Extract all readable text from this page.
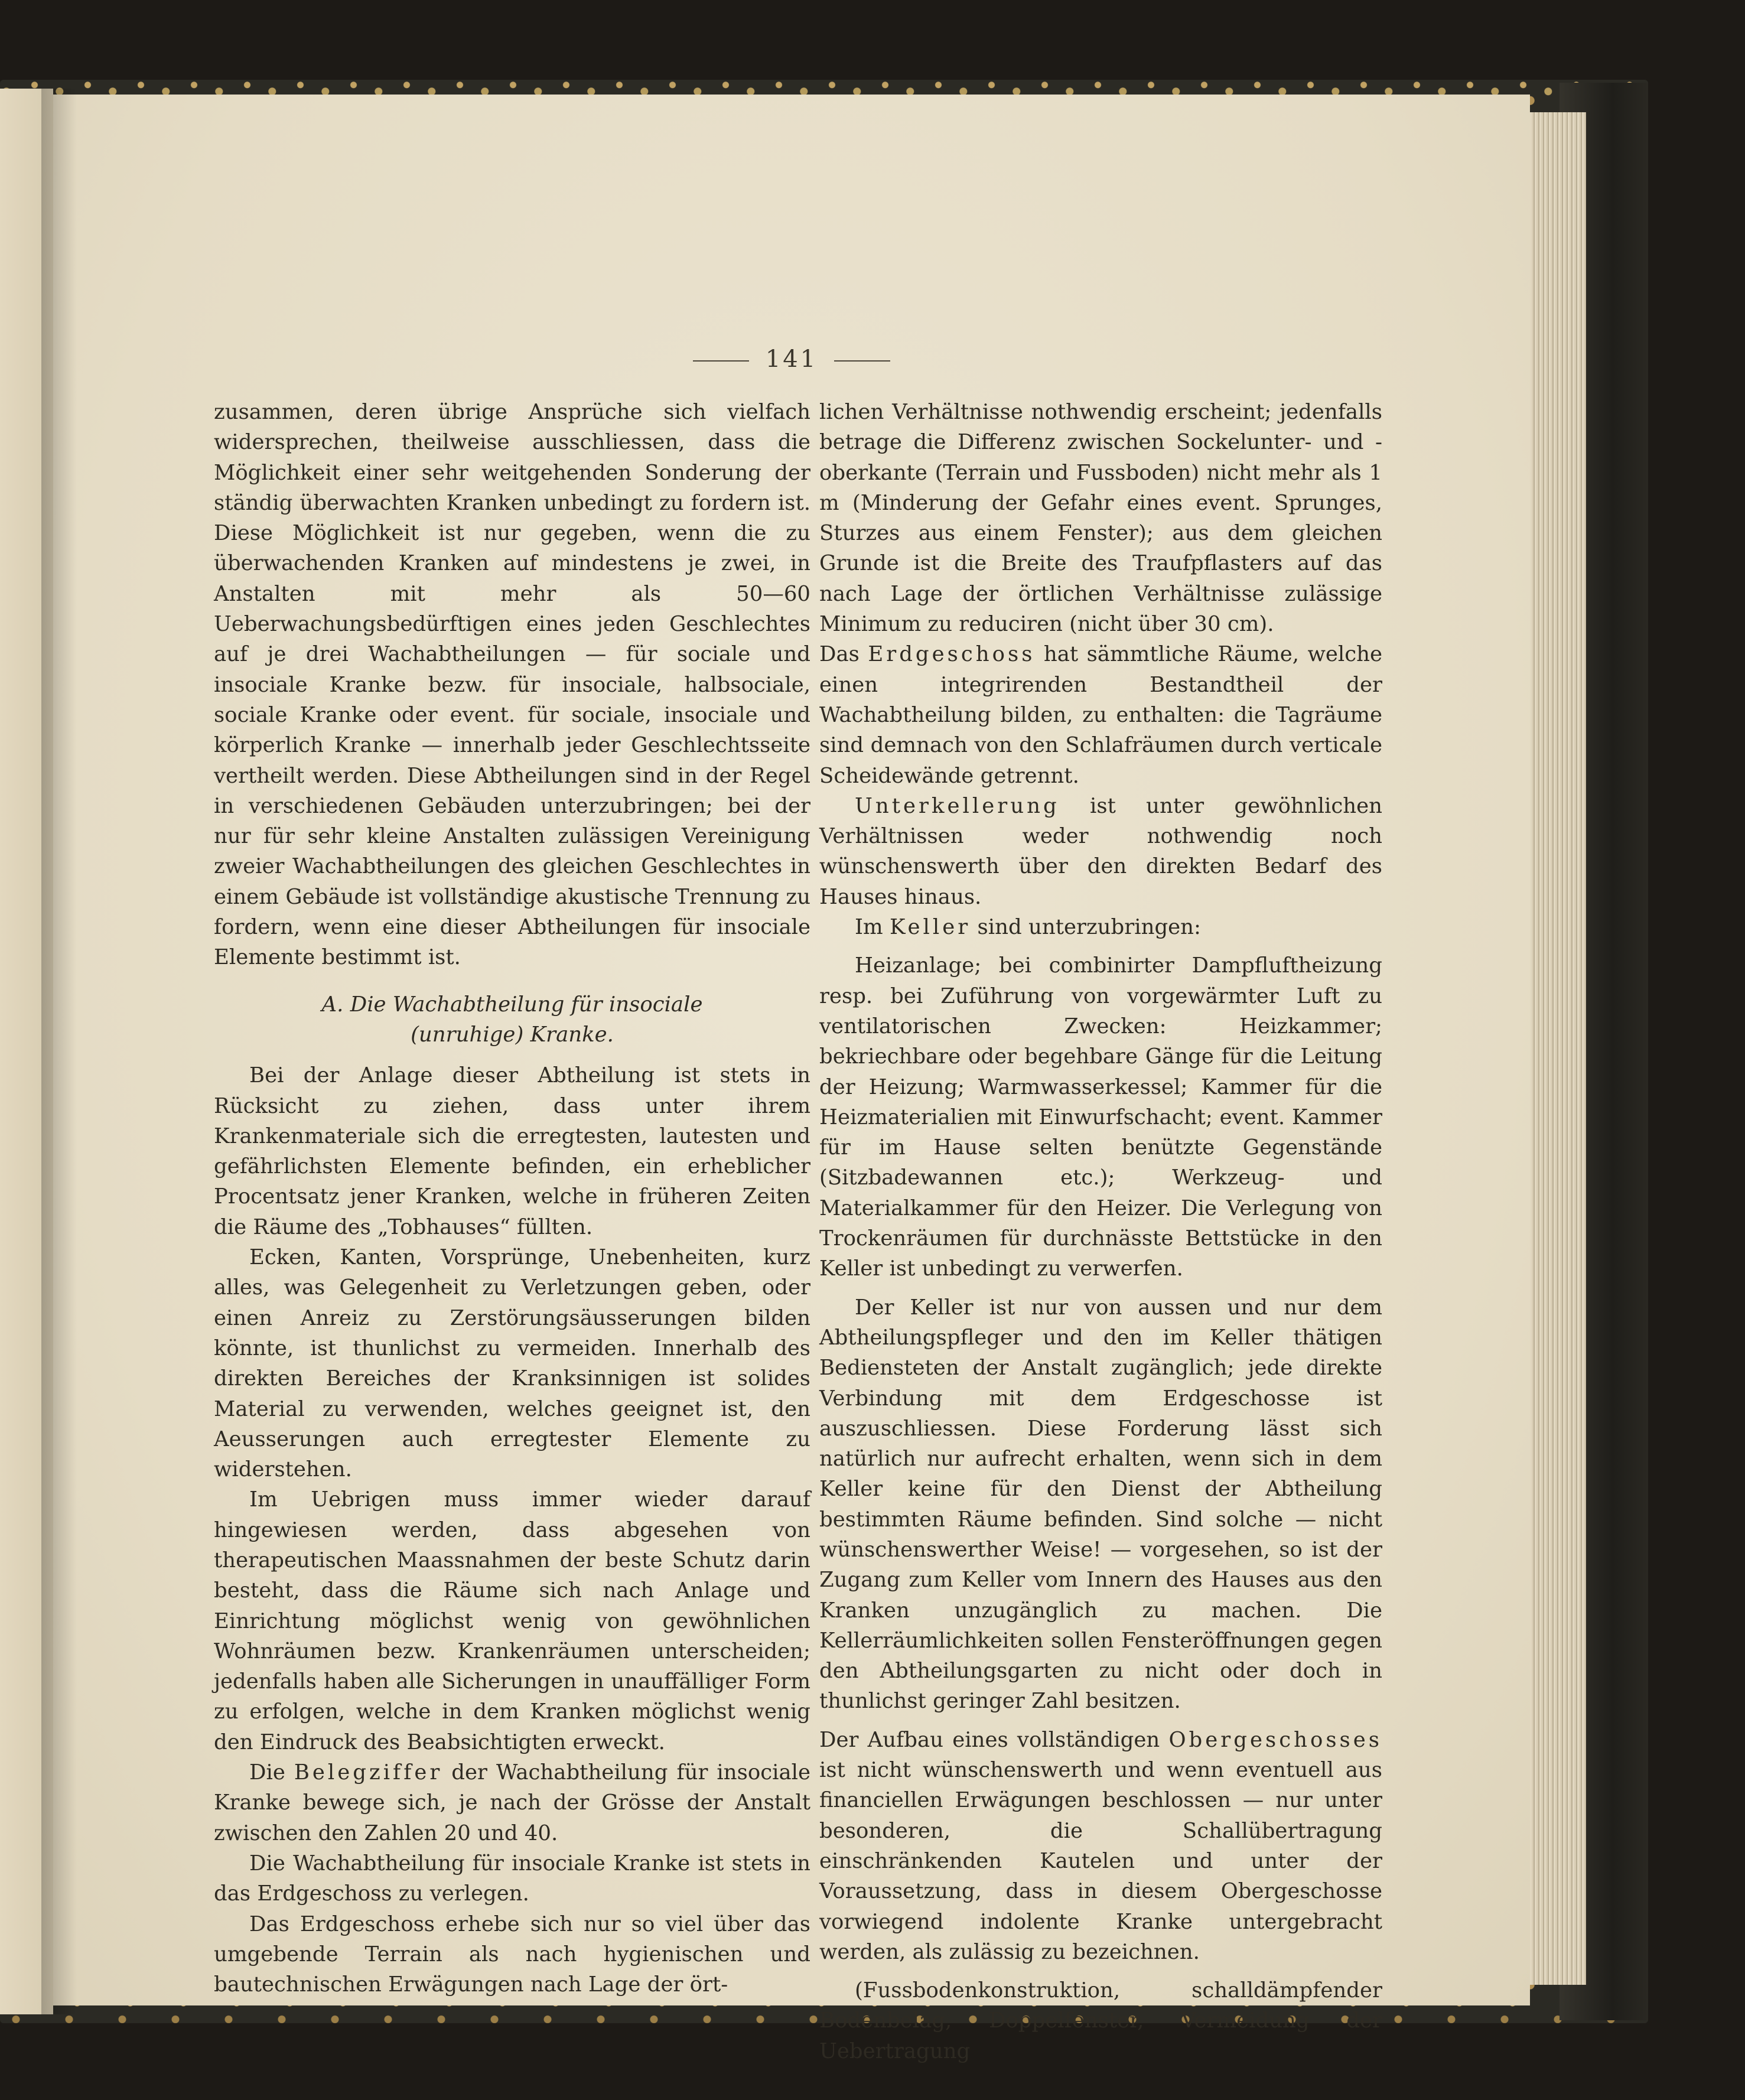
141

zusammen, deren übrige Ansprüche sich vielfach widersprechen, theilweise ausschliessen, dass die Möglichkeit einer sehr weitgehenden Sonderung der ständig überwachten Kranken unbedingt zu fordern ist. Diese Möglichkeit ist nur gegeben, wenn die zu überwachenden Kranken auf mindestens je zwei, in Anstalten mit mehr als 50—60 Ueberwachungsbedürftigen eines jeden Geschlechtes auf je drei Wachabtheilungen — für sociale und insociale Kranke bezw. für insociale, halbsociale, sociale Kranke oder event. für sociale, insociale und körperlich Kranke — innerhalb jeder Geschlechtsseite vertheilt werden. Diese Abtheilungen sind in der Regel in verschiedenen Gebäuden unterzubringen; bei der nur für sehr kleine Anstalten zulässigen Vereinigung zweier Wachabtheilungen des gleichen Geschlechtes in einem Gebäude ist vollständige akustische Trennung zu fordern, wenn eine dieser Abtheilungen für insociale Elemente bestimmt ist.

A. Die Wachabtheilung für insociale
(unruhige) Kranke.

Bei der Anlage dieser Abtheilung ist stets in Rücksicht zu ziehen, dass unter ihrem Krankenmateriale sich die erregtesten, lautesten und gefährlichsten Elemente befinden, ein erheblicher Procentsatz jener Kranken, welche in früheren Zeiten die Räume des „Tobhauses“ füllten.

Ecken, Kanten, Vorsprünge, Unebenheiten, kurz alles, was Gelegenheit zu Verletzungen geben, oder einen Anreiz zu Zerstörungsäusserungen bilden könnte, ist thunlichst zu vermeiden. Innerhalb des direkten Bereiches der Kranksinnigen ist solides Material zu verwenden, welches geeignet ist, den Aeusserungen auch erregtester Elemente zu widerstehen.

Im Uebrigen muss immer wieder darauf hingewiesen werden, dass abgesehen von therapeutischen Maassnahmen der beste Schutz darin besteht, dass die Räume sich nach Anlage und Einrichtung möglichst wenig von gewöhnlichen Wohnräumen bezw. Krankenräumen unterscheiden; jedenfalls haben alle Sicherungen in unauffälliger Form zu erfolgen, welche in dem Kranken möglichst wenig den Eindruck des Beabsichtigten erweckt.

Die Belegziffer der Wachabtheilung für insociale Kranke bewege sich, je nach der Grösse der Anstalt zwischen den Zahlen 20 und 40.

Die Wachabtheilung für insociale Kranke ist stets in das Erdgeschoss zu verlegen.

Das Erdgeschoss erhebe sich nur so viel über das umgebende Terrain als nach hygienischen und bautechnischen Erwägungen nach Lage der ört-

lichen Verhältnisse nothwendig erscheint; jedenfalls betrage die Differenz zwischen Sockelunter- und -oberkante (Terrain und Fussboden) nicht mehr als 1 m (Minderung der Gefahr eines event. Sprunges, Sturzes aus einem Fenster); aus dem gleichen Grunde ist die Breite des Traufpflasters auf das nach Lage der örtlichen Verhältnisse zulässige Minimum zu reduciren (nicht über 30 cm).

Das Erdgeschoss hat sämmtliche Räume, welche einen integrirenden Bestandtheil der Wachabtheilung bilden, zu enthalten: die Tagräume sind demnach von den Schlafräumen durch verticale Scheidewände getrennt.

Unterkellerung ist unter gewöhnlichen Verhältnissen weder nothwendig noch wünschenswerth über den direkten Bedarf des Hauses hinaus.

Im Keller sind unterzubringen:

Heizanlage; bei combinirter Dampfluftheizung resp. bei Zuführung von vorgewärmter Luft zu ventilatorischen Zwecken: Heizkammer; bekriechbare oder begehbare Gänge für die Leitung der Heizung; Warmwasserkessel; Kammer für die Heizmaterialien mit Einwurfschacht; event. Kammer für im Hause selten benützte Gegenstände (Sitzbadewannen etc.); Werkzeug- und Materialkammer für den Heizer. Die Verlegung von Trockenräumen für durchnässte Bettstücke in den Keller ist unbedingt zu verwerfen.

Der Keller ist nur von aussen und nur dem Abtheilungspfleger und den im Keller thätigen Bediensteten der Anstalt zugänglich; jede direkte Verbindung mit dem Erdgeschosse ist auszuschliessen. Diese Forderung lässt sich natürlich nur aufrecht erhalten, wenn sich in dem Keller keine für den Dienst der Abtheilung bestimmten Räume befinden. Sind solche — nicht wünschenswerther Weise! — vorgesehen, so ist der Zugang zum Keller vom Innern des Hauses aus den Kranken unzugänglich zu machen. Die Kellerräumlichkeiten sollen Fensteröffnungen gegen den Abtheilungsgarten zu nicht oder doch in thunlichst geringer Zahl besitzen.

Der Aufbau eines vollständigen Obergeschosses ist nicht wünschenswerth und wenn eventuell aus financiellen Erwägungen beschlossen — nur unter besonderen, die Schallübertragung einschränkenden Kautelen und unter der Voraussetzung, dass in diesem Obergeschosse vorwiegend indolente Kranke untergebracht werden, als zulässig zu bezeichnen.

(Fussbodenkonstruktion, schalldämpfender Bodenbelag, Doppelfenster, Vermeidung der Uebertragung
